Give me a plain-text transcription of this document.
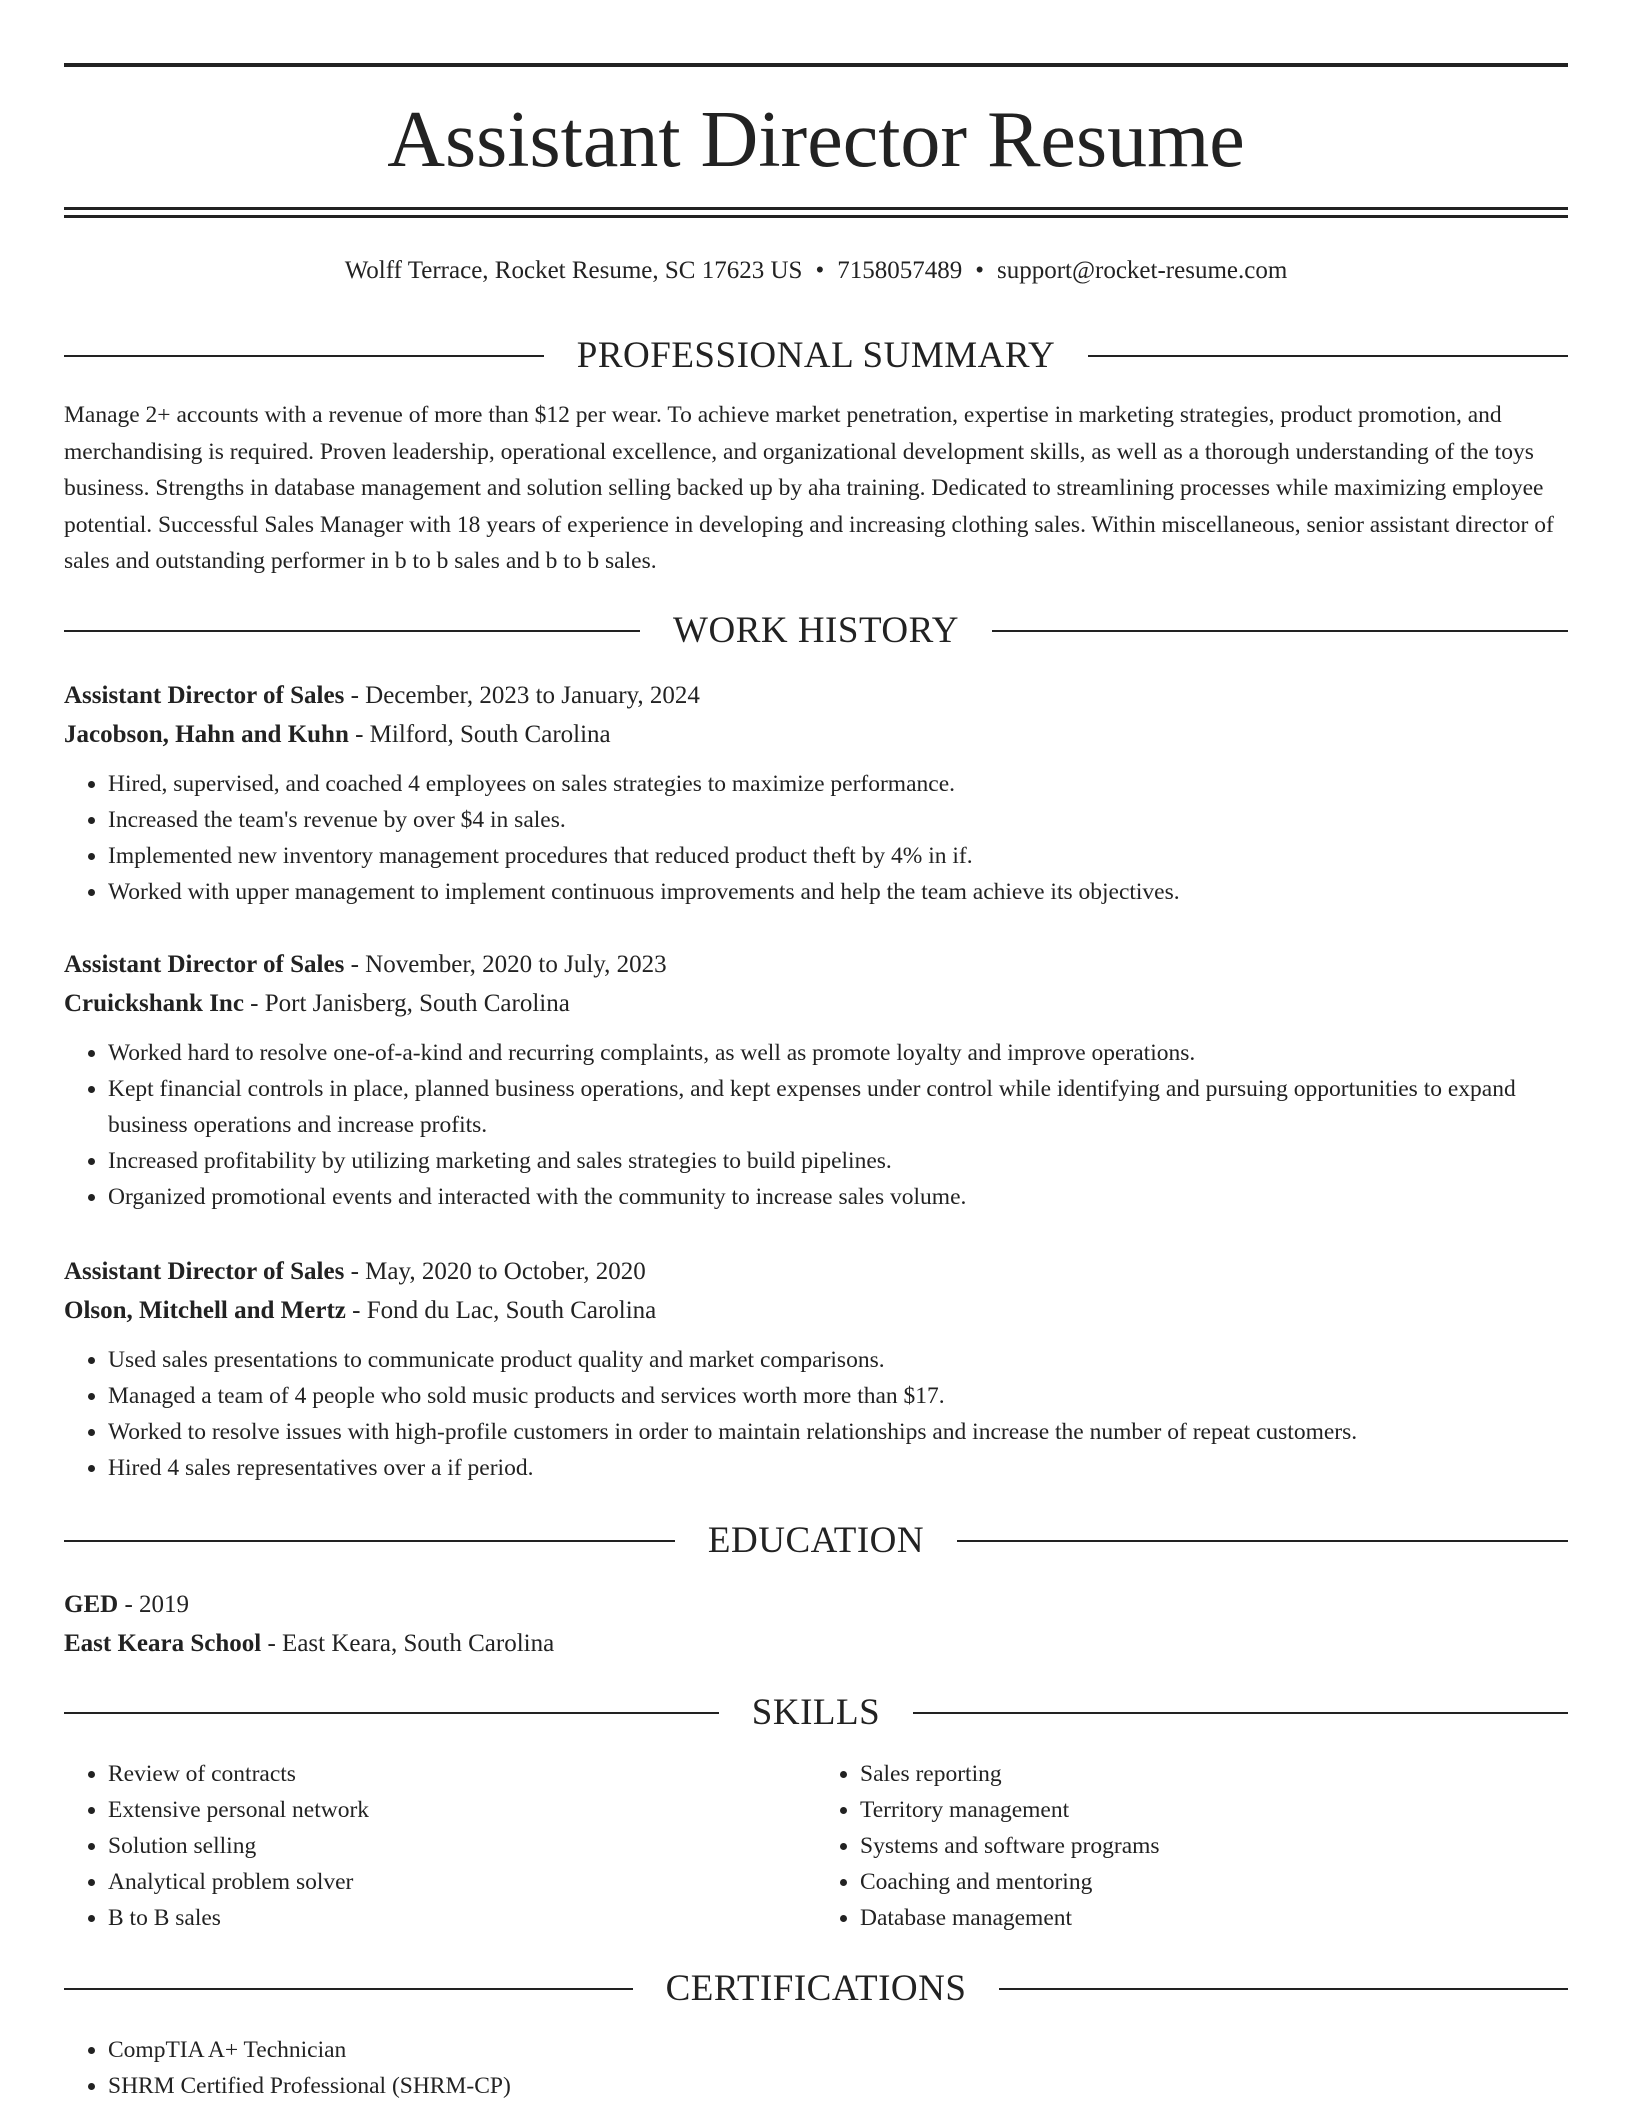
Assistant Director Resume
Wolff Terrace, Rocket Resume, SC 17623 US • 7158057489 • support@rocket-resume.com
PROFESSIONAL SUMMARY

Manage 2+ accounts with a revenue of more than $12 per wear. To achieve market penetration, expertise in marketing strategies, product promotion, and merchandising is required. Proven leadership, operational excellence, and organizational development skills, as well as a thorough understanding of the toys business. Strengths in database management and solution selling backed up by aha training. Dedicated to streamlining processes while maximizing employee potential. Successful Sales Manager with 18 years of experience in developing and increasing clothing sales. Within miscellaneous, senior assistant director of sales and outstanding performer in b to b sales and b to b sales.

WORK HISTORY
Assistant Director of Sales - December, 2023 to January, 2024
Jacobson, Hahn and Kuhn - Milford, South Carolina
• Hired, supervised, and coached 4 employees on sales strategies to maximize performance.
• Increased the team's revenue by over $4 in sales.
• Implemented new inventory management procedures that reduced product theft by 4% in if.
• Worked with upper management to implement continuous improvements and help the team achieve its objectives.
Assistant Director of Sales - November, 2020 to July, 2023
Cruickshank Inc - Port Janisberg, South Carolina
• Worked hard to resolve one-of-a-kind and recurring complaints, as well as promote loyalty and improve operations.
• Kept financial controls in place, planned business operations, and kept expenses under control while identifying and pursuing opportunities to expand business operations and increase profits.
• Increased profitability by utilizing marketing and sales strategies to build pipelines.
• Organized promotional events and interacted with the community to increase sales volume.
Assistant Director of Sales - May, 2020 to October, 2020
Olson, Mitchell and Mertz - Fond du Lac, South Carolina
• Used sales presentations to communicate product quality and market comparisons.
• Managed a team of 4 people who sold music products and services worth more than $17.
• Worked to resolve issues with high-profile customers in order to maintain relationships and increase the number of repeat customers.
• Hired 4 sales representatives over a if period.
EDUCATION
GED - 2019
East Keara School - East Keara, South Carolina
SKILLS
• Review of contracts
• Extensive personal network
• Solution selling
• Analytical problem solver
• B to B sales
• Sales reporting
• Territory management
• Systems and software programs
• Coaching and mentoring
• Database management
CERTIFICATIONS
• CompTIA A+ Technician
• SHRM Certified Professional (SHRM-CP)
